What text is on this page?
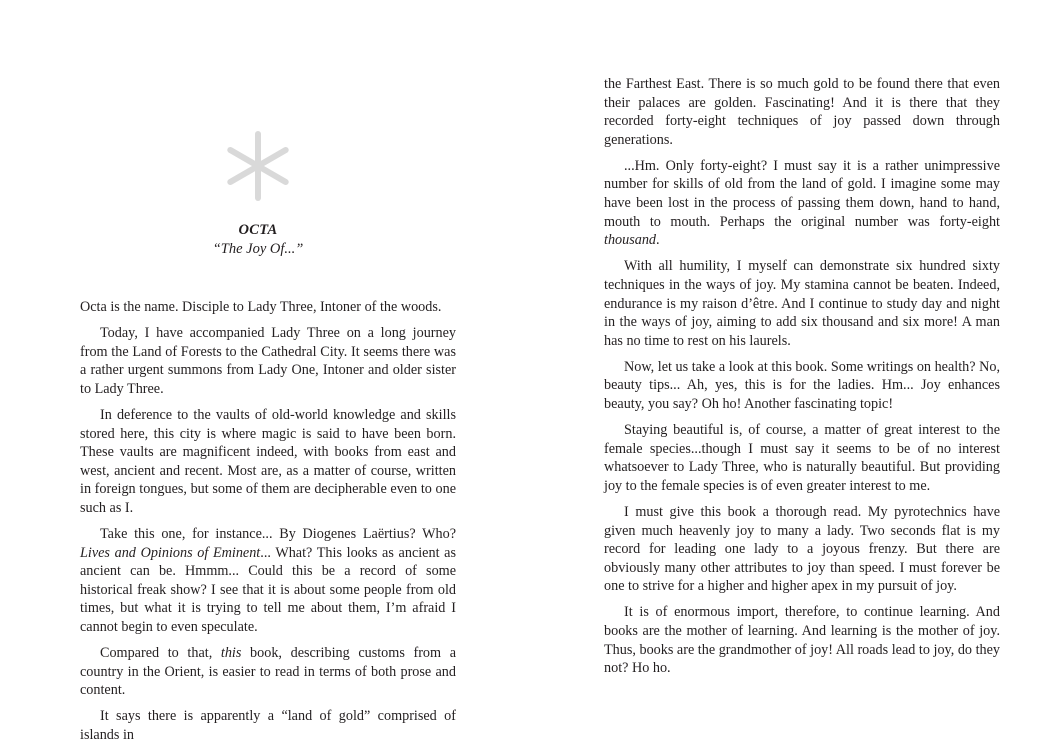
OCTA
“The Joy Of...”

Octa is the name. Disciple to Lady Three, Intoner of the woods.

Today, I have accompanied Lady Three on a long journey from the Land of Forests to the Cathedral City. It seems there was a rather urgent summons from Lady One, Intoner and older sister to Lady Three.

In deference to the vaults of old-world knowledge and skills stored here, this city is where magic is said to have been born. These vaults are magnificent indeed, with books from east and west, ancient and recent. Most are, as a matter of course, written in foreign tongues, but some of them are decipherable even to one such as I.

Take this one, for instance... By Diogenes Laërtius? Who? Lives and Opinions of Eminent... What? This looks as ancient as ancient can be. Hmmm... Could this be a record of some historical freak show? I see that it is about some people from old times, but what it is trying to tell me about them, I’m afraid I cannot begin to even speculate.

Compared to that, this book, describing customs from a country in the Orient, is easier to read in terms of both prose and content.

It says there is apparently a “land of gold” comprised of islands in

the Farthest East. There is so much gold to be found there that even their palaces are golden. Fascinating! And it is there that they recorded forty-eight techniques of joy passed down through generations.

...Hm. Only forty-eight? I must say it is a rather unimpressive number for skills of old from the land of gold. I imagine some may have been lost in the process of passing them down, hand to hand, mouth to mouth. Perhaps the original number was forty-eight thousand.

With all humility, I myself can demonstrate six hundred sixty techniques in the ways of joy. My stamina cannot be beaten. Indeed, endurance is my raison d’être. And I continue to study day and night in the ways of joy, aiming to add six thousand and six more! A man has no time to rest on his laurels.

Now, let us take a look at this book. Some writings on health? No, beauty tips... Ah, yes, this is for the ladies. Hm... Joy enhances beauty, you say? Oh ho! Another fascinating topic!

Staying beautiful is, of course, a matter of great interest to the female species...though I must say it seems to be of no interest whatsoever to Lady Three, who is naturally beautiful. But providing joy to the female species is of even greater interest to me.

I must give this book a thorough read. My pyrotechnics have given much heavenly joy to many a lady. Two seconds flat is my record for leading one lady to a joyous frenzy. But there are obviously many other attributes to joy than speed. I must forever be one to strive for a higher and higher apex in my pursuit of joy.

It is of enormous import, therefore, to continue learning. And books are the mother of learning. And learning is the mother of joy. Thus, books are the grandmother of joy! All roads lead to joy, do they not? Ho ho.
